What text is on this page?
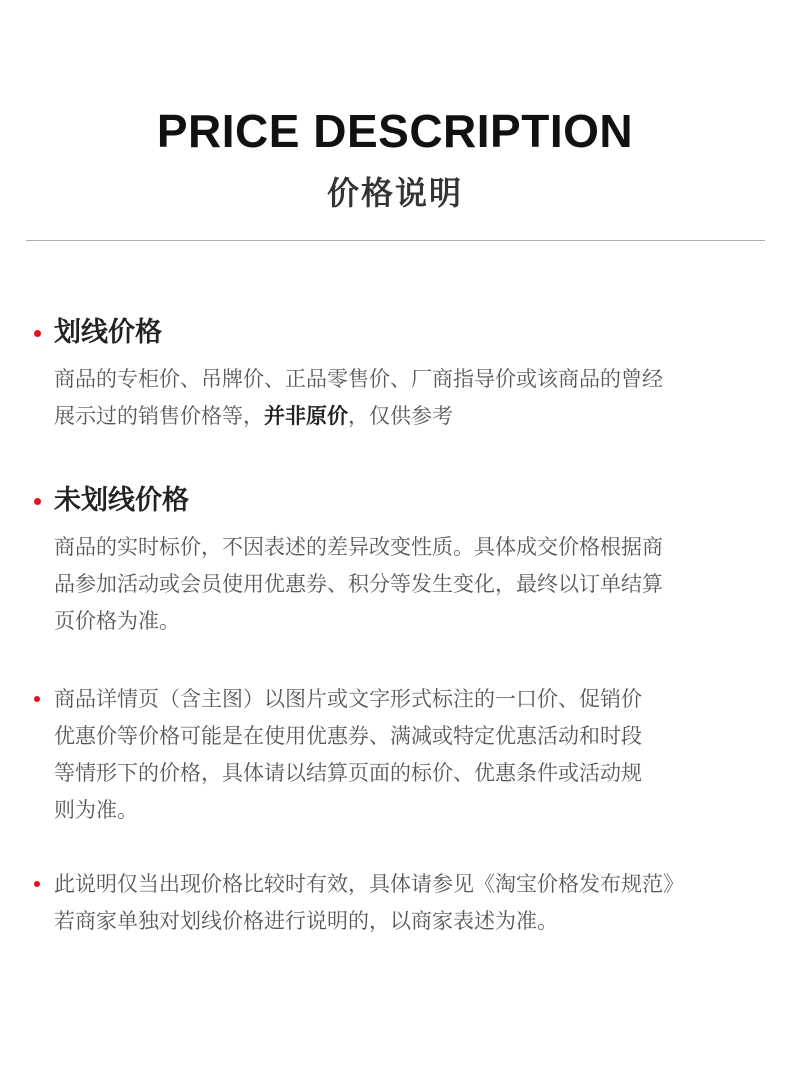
PRICE DESCRIPTION
价格说明
划线价格
商品的专柜价、吊牌价、正品零售价、厂商指导价或该商品的曾经
展示过的销售价格等，并非原价，仅供参考
未划线价格
商品的实时标价，不因表述的差异改变性质。具体成交价格根据商
品参加活动或会员使用优惠券、积分等发生变化，最终以订单结算
页价格为准。
商品详情页（含主图）以图片或文字形式标注的一口价、促销价
优惠价等价格可能是在使用优惠券、满减或特定优惠活动和时段
等情形下的价格，具体请以结算页面的标价、优惠条件或活动规
则为准。
此说明仅当出现价格比较时有效，具体请参见《淘宝价格发布规范》
若商家单独对划线价格进行说明的，以商家表述为准。
